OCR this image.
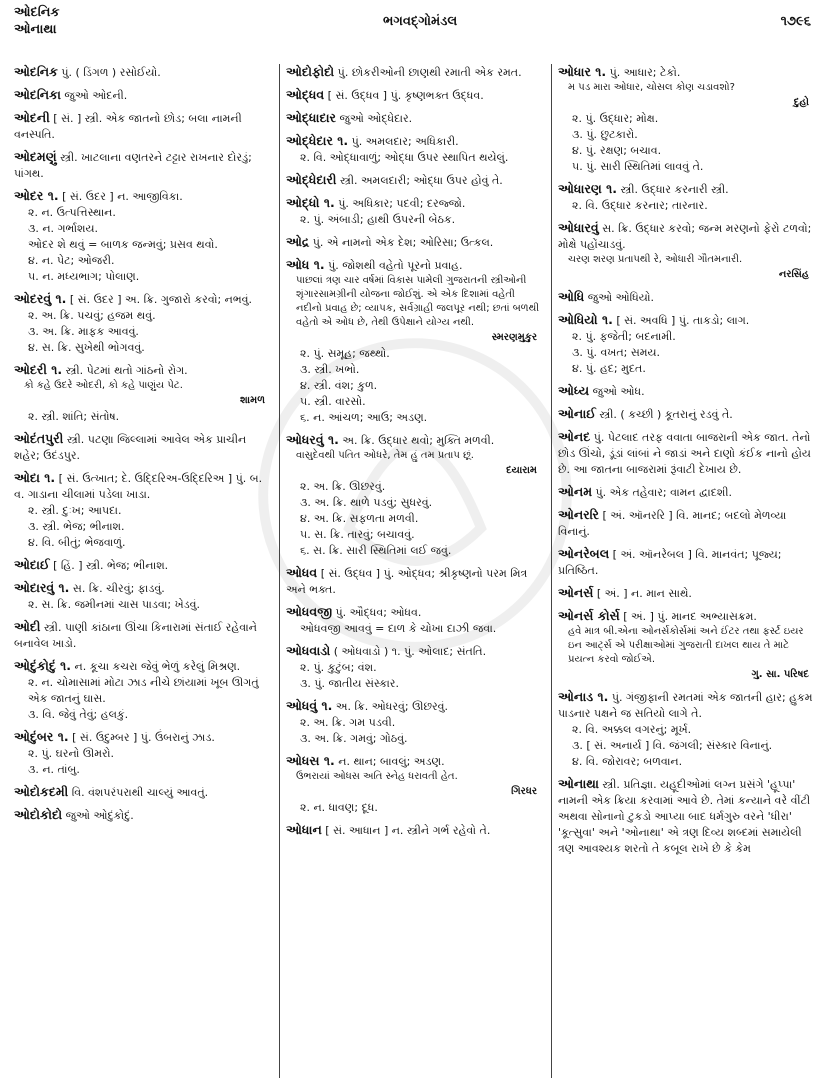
ઓદનિક
ઓનાથા
ભગવદ્ગોમંડલ	૧૭૯૬
ઓદનિક પું. ( ડિંગળ ) રસોઈયો.
ઓદનિકા જુઓ ઓદની.
ઓદની [ સં. ] સ્ત્રી. એક જાતનો છોડ; બલા નામની વનસ્પતિ.
ઓદમણું સ્ત્રી. ખાટલાના વણતરને ટટ્ટાર રાખનાર દોરડું; પાંગથ.
ઓદર ૧. [ સં. ઉદર ] ન. આજીવિકા.
૨. ન. ઉત્પત્તિસ્થાન.
૩. ન. ગર્ભાશય.
ઓદર શે થવું = બાળક જન્મવું; પ્રસવ થવો.
૪. ન. પેટ; ઓજરી.
૫. ન. મધ્યભાગ; પોલાણ.
ઓદરવું ૧. [ સં. ઉદર ] અ. ક્રિ. ગુજારો કરવો; નભવું.
૨. અ. ક્રિ. પચવું; હજમ થવું.
૩. અ. ક્રિ. માફક આવવું.
૪. સ. ક્રિ. સુખેથી ભોગવવું.
ઓદરી ૧. સ્ત્રી. પેટમાં થતો ગાંઠનો રોગ.
કો કહે ઉદરે ઓદરી, કો કહે પાણુંય પેટ.
શામળ
૨. સ્ત્રી. શાંતિ; સંતોષ.
ઓદંતપુરી સ્ત્રી. પટણા જિલ્લામાં આવેલ એક પ્રાચીન શહેર; ઉદંડપુર.
ઓદા ૧. [ સં. ઉત્ખાત; દે. ઉદ્દિરિઅ-ઉદ્દિરિઅ ] પું. બ. વ. ગાડાના ચીલામાં પડેલા ખાડા.
૨. સ્ત્રી. દુઃખ; આપદા.
૩. સ્ત્રી. ભેજ; ભીનાશ.
૪. વિ. બીતું; ભેજવાળું.
ઓદાઈ [ હિં. ] સ્ત્રી. ભેજ; ભીનાશ.
ઓદારવું ૧. સ. ક્રિ. ચીરવું; ફાડવું.
૨. સ. ક્રિ. જમીનમાં ચાસ પાડવા; ખેડવું.
ઓદી સ્ત્રી. પાણી કાંઠાના ઊંચા કિનારામાં સંતાઈ રહેવાને બનાવેલ ખાડો.
ઓદુંકોદું ૧. ન. કૂચા કચરા જેવું ભેળું કરેલું મિશ્રણ.
૨. ન. ચોમાસામાં મોટા ઝાડ નીચે છાંયામાં ખૂબ ઊગતું એક જાતનું ઘાસ.
૩. વિ. જેવું તેવું; હલકું.
ઓદુંબર ૧. [ સં. ઉદુમ્બર ] પું. ઉંબરાનું ઝાડ.
૨. પું. ઘરનો ઊમરો.
૩. ન. તાંબુ.
ઓદોકદમી વિ. વંશપરંપરાથી ચાલ્યું આવતું.
ઓદોકોદો જુઓ ઓદુંકોદું.
ઓદોફોદો પું. છોકરીઓની છાણથી રમાતી એક રમત.
ઓદ્ધવ [ સં. ઉદ્ધવ ] પું. કૃષ્ણભક્ત ઉદ્ધવ.
ઓદ્ધાદાર જુઓ ઓદ્ધેદાર.
ઓદ્ધેદાર ૧. પું. અમલદાર; અધિકારી.
૨. વિ. ઓદ્ધાવાળું; ઓદ્ધા ઉપર સ્થાપિત થયેલું.
ઓદ્ધેદારી સ્ત્રી. અમલદારી; ઓદ્ધા ઉપર હોવું તે.
ઓદ્ધો ૧. પું. અધિકાર; પદવી; દરજ્જો.
૨. પું. અંબાડી; હાથી ઉપરની બેઠક.
ઓદ્ર પું. એ નામનો એક દેશ; ઓરિસા; ઉત્કલ.
ઓધ ૧. પું. જોશથી વહેતો પૂરનો પ્રવાહ.
પાછલાં ત્રણ ચાર વર્ષમાં વિકાસ પામેલી ગુજરાતની સ્ત્રીઓની શૃંગારસામગ્રીની યોજના જોઈશું. એ એક દિશામાં વહેતી નદીનો પ્રવાહ છે; વ્યાપક, સર્વગ્રાહી જલપૂર નથી; છતાં બળથી વહેતો એ ઓધ છે, તેથી ઉપેક્ષાને યોગ્ય નથી.
સ્મરણમુકુર
૨. પું. સમૂહ; જથ્થો.
૩. સ્ત્રી. ખભો.
૪. સ્ત્રી. વંશ; કુળ.
૫. સ્ત્રી. વારસો.
૬. ન. આંચળ; આઉ; અડણ.
ઓધરવું ૧. અ. ક્રિ. ઉદ્ધાર થવો; મુક્તિ મળવી.
વાસુદેવથી પતિત ઓધરે, તેમ હું તમ પ્રતાપ છૂં.
દયારામ
૨. અ. ક્રિ. ઊછરવું.
૩. અ. ક્રિ. થાળે પડવું; સુધરવું.
૪. અ. ક્રિ. સફળતા મળવી.
૫. સ. ક્રિ. તારવું; બચાવવું.
૬. સ. ક્રિ. સારી સ્થિતિમાં લઈ જવું.
ઓધવ [ સં. ઉદ્ધવ ] પું. ઓદ્ધવ; શ્રીકૃષ્ણનો પરમ મિત્ર અને ભક્ત.
ઓધવજી પું. ઔદ્ધવ; ઓધવ.
ઓધવજી આવવું = દાળ કે ચોખા દાઝી જવા.
ઓધવાડો ( ઓધવાડો ) ૧. પું. ઓલાદ; સંતતિ.
૨. પું. કુટુંબ; વંશ.
૩. પું. જાતીય સંસ્કાર.
ઓધવું ૧. અ. ક્રિ. ઓધરવું; ઊછરવું.
૨. અ. ક્રિ. ગમ પડવી.
૩. અ. ક્રિ. ગમવું; ગોઠવું.
ઓધસ ૧. ન. થાન; બાવલું; અડણ.
ઉભરાયાં ઓધસ અતિ સ્નેહ ધરાવતી હેત.
ગિરધર
૨. ન. ધાવણ; દૂધ.
ઓધાન [ સં. આધાન ] ન. સ્ત્રીને ગર્ભ રહેવો તે.
ઓધાર ૧. પું. આધાર; ટેકો.
મ પડ મારા ઓધાર, ચોસલ કોણ ચડાવશો?
દુહો
૨. પું. ઉદ્ધાર; મોક્ષ.
૩. પું. છુટકારો.
૪. પું. રક્ષણ; બચાવ.
૫. પું. સારી સ્થિતિમાં લાવવું તે.
ઓધારણ ૧. સ્ત્રી. ઉદ્ધાર કરનારી સ્ત્રી.
૨. વિ. ઉદ્ધાર કરનાર; તારનાર.
ઓધારવું સ. ક્રિ. ઉદ્ધાર કરવો; જન્મ મરણનો ફેરો ટળવો; મોક્ષે પહોંચાડવું.
ચરણ શરણ પ્રતાપથી રે, ઓધારી ગૌતમનારી.
નરસિંહ
ઓધિ જુઓ ઓધિયો.
ઓધિયો ૧. [ સં. અવધિ ] પું. તાકડો; લાગ.
૨. પું. ફજેતી; બદનામી.
૩. પું. વખત; સમય.
૪. પું. હદ; મુદત.
ઓધ્ય જુઓ ઓધ.
ઓનાઈ સ્ત્રી. ( કચ્છી ) કૂતરાનું રડવું તે.
ઓનદ પું. પેટલાદ તરફ વવાતા બાજરાની એક જાત. તેનો છોડ ઊંચો, ડૂંડાં લાંબાં ને જાડાં અને દાણો કંઈક નાનો હોય છે. આ જાતના બાજરામાં રૂંવાટી દેખાય છે.
ઓનમ પું. એક તહેવાર; વામન દ્વાદશી.
ઓનરરિ [ અં. ઑનરરિ ] વિ. માનદ; બદલો મેળવ્યા વિનાનું.
ઓનરેબલ [ અં. ઑનરેબલ ] વિ. માનવંત; પૂજ્ય; પ્રતિષ્ઠિત.
ઓનર્સ [ અં. ] ન. માન સાથે.
ઓનર્સ કોર્સ [ અં. ] પું. માનદ અભ્યાસક્રમ.
હવે માત્ર બી.એના ઓનર્સકોર્સમાં અને ઈંટર તથા ફર્સ્ટ ઇયર ઇન આર્ટ્સ એ પરીક્ષાઓમાં ગુજરાતી દાખલ થાય તે માટે પ્રયત્ન કરવો જોઈએ.
ગુ. સા. પરિષદ
ઓનાડ ૧. પું. ગંજીફાની રમતમાં એક જાતની હાર; હુકમ પાડનાર પક્ષને જ સતિયો લાગે તે.
૨. વિ. અક્કલ વગરનું; મૂર્ખ.
૩. [ સં. અનાર્ય ] વિ. જંગલી; સંસ્કાર વિનાનું.
૪. વિ. જોરાવર; બળવાન.
ઓનાથા સ્ત્રી. પ્રતિજ્ઞા. યહૂદીઓમાં લગ્ન પ્રસંગે 'હૂપ્પા' નામની એક ક્રિયા કરવામાં આવે છે. તેમાં કન્યાને વરે વીંટી અથવા સોનાનો ટુકડો આપ્યા બાદ ધર્મગુરુ વરને 'ધીરા' 'કૂત્સુવા' અને 'ઓનાથા' એ ત્રણ દિવ્ય શબ્દમાં સમાયેલી ત્રણ આવશ્યક શરતો તે કબૂલ રાખે છે કે કેમ
